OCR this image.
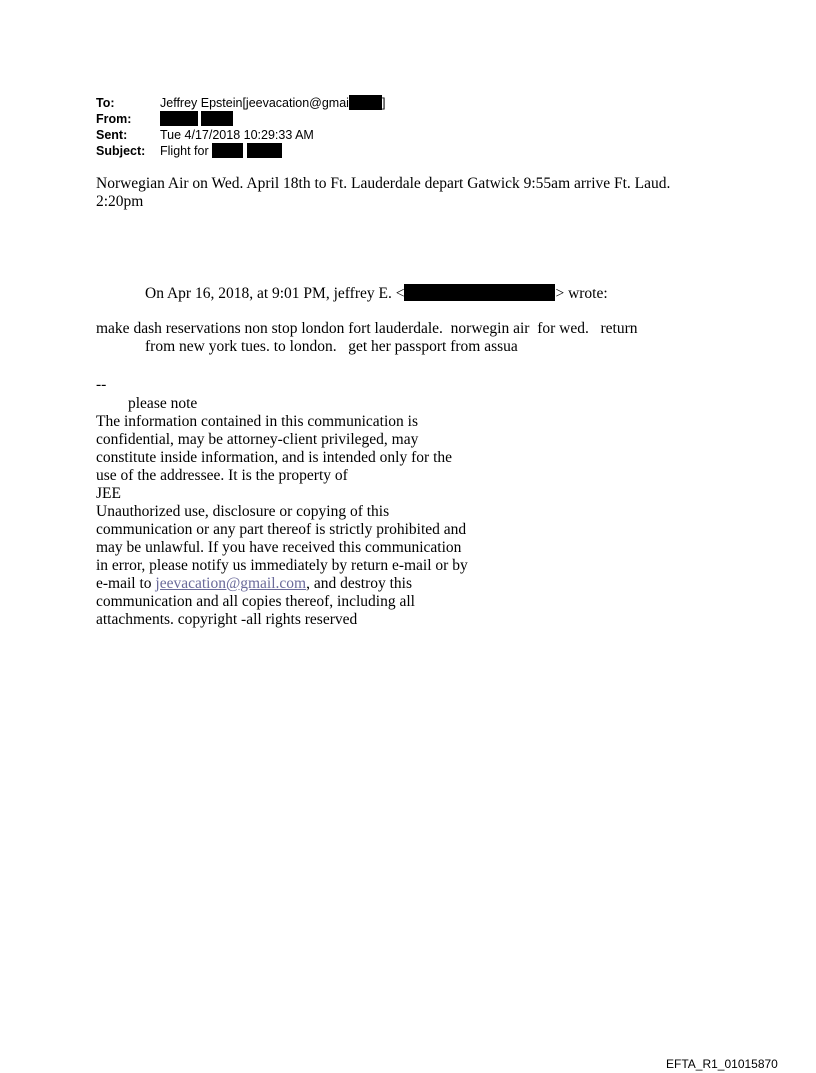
To:	Jeffrey Epstein[jeevacation@gmai	]
From:

Sent:	Tue 4/17/2018 10:29:33 AM
Subject:	Flight for
Norwegian Air on Wed. April 18th to Ft. Lauderdale depart Gatwick 9:55am arrive Ft. Laud. 2:20pm
On Apr 16, 2018, at 9:01 PM, jeffrey E. <	> wrote:
make dash reservations non stop london fort lauderdale.  norwegin air  for wed.   return
from new york tues. to london.   get her passport from assua
--
please note
The information contained in this communication is confidential, may be attorney-client privileged, may constitute inside information, and is intended only for the use of the addressee. It is the property of
JEE
Unauthorized use, disclosure or copying of this communication or any part thereof is strictly prohibited and may be unlawful. If you have received this communication in error, please notify us immediately by return e-mail or by e-mail to jeevacation@gmail.com, and destroy this communication and all copies thereof, including all attachments. copyright -all rights reserved
EFTA_R1_01015870
